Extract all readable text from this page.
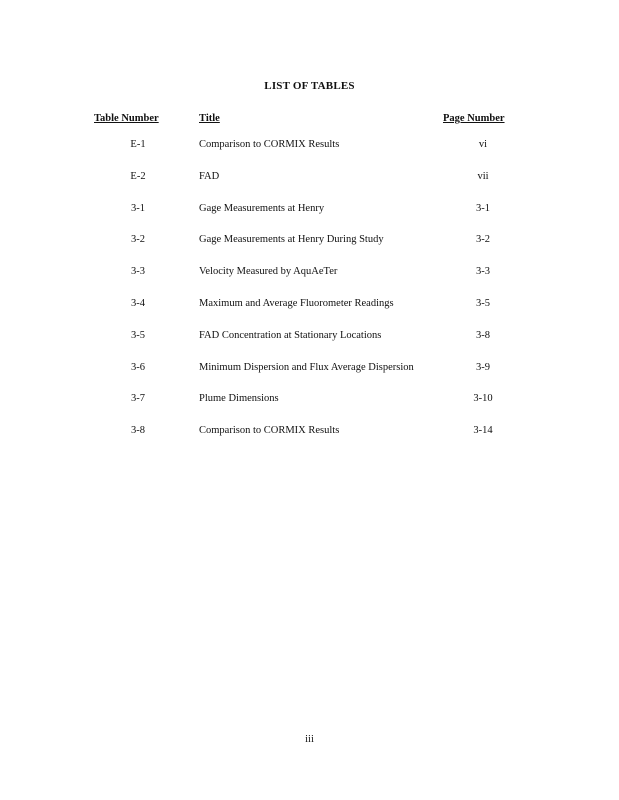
LIST OF TABLES
Table Number	Title	Page Number
E-1	Comparison to CORMIX Results	vi
E-2	FAD	vii
3-1	Gage Measurements at Henry	3-1
3-2	Gage Measurements at Henry During Study	3-2
3-3	Velocity Measured by AquAeTer	3-3
3-4	Maximum and Average Fluorometer Readings	3-5
3-5	FAD Concentration at Stationary Locations	3-8
3-6	Minimum Dispersion and Flux Average Dispersion	3-9
3-7	Plume Dimensions	3-10
3-8	Comparison to CORMIX Results	3-14
iii
